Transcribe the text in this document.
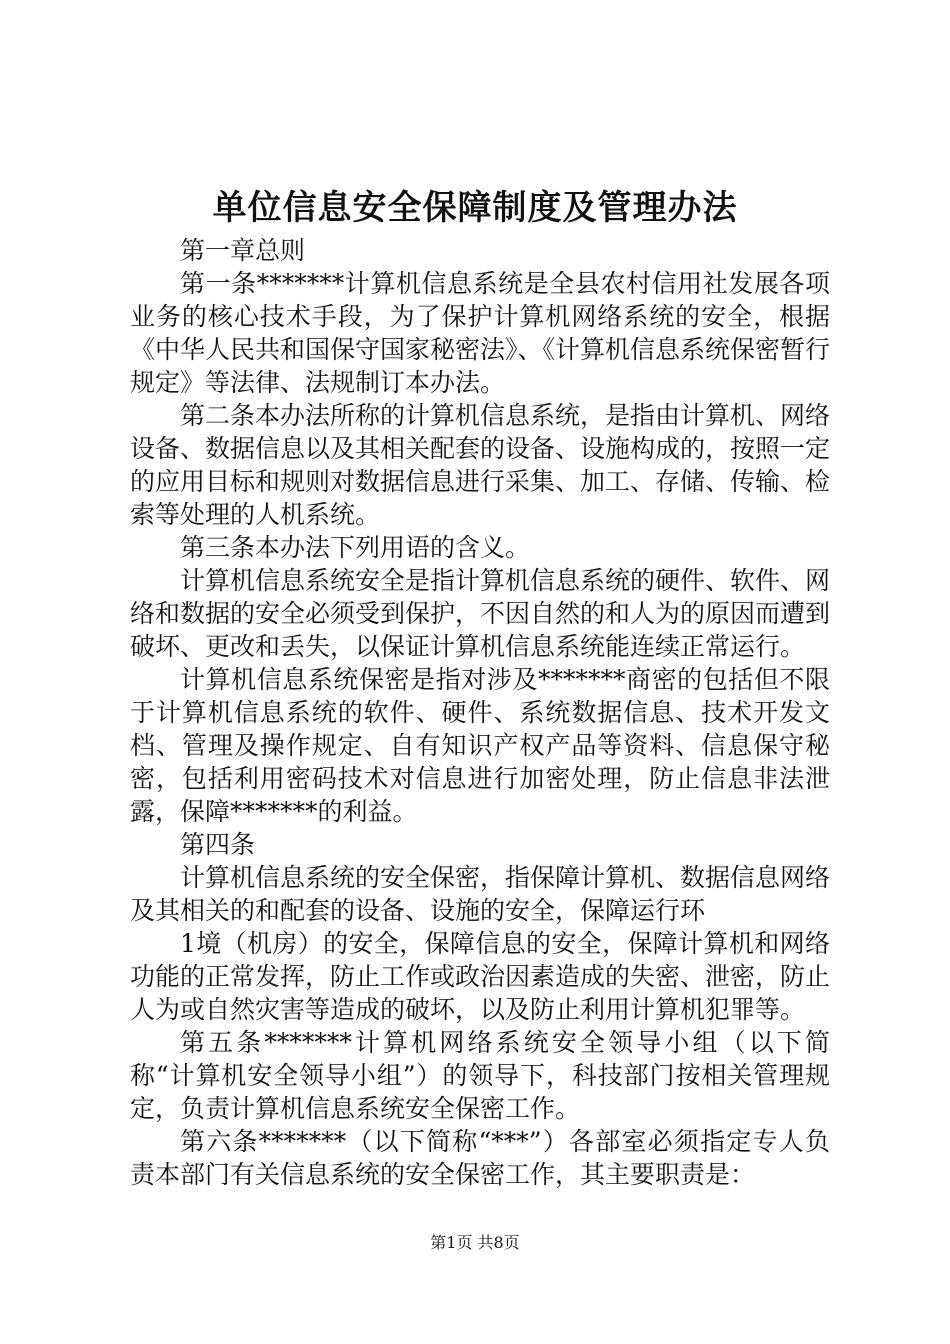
单位信息安全保障制度及管理办法

第一章总则

第一条*******计算机信息系统是全县农村信用社发展各项业务的核心技术手段，为了保护计算机网络系统的安全，根据《中华人民共和国保守国家秘密法》、《计算机信息系统保密暂行规定》等法律、法规制订本办法。

第二条本办法所称的计算机信息系统，是指由计算机、网络设备、数据信息以及其相关配套的设备、设施构成的，按照一定的应用目标和规则对数据信息进行采集、加工、存储、传输、检索等处理的人机系统。

第三条本办法下列用语的含义。

计算机信息系统安全是指计算机信息系统的硬件、软件、网络和数据的安全必须受到保护，不因自然的和人为的原因而遭到破坏、更改和丢失，以保证计算机信息系统能连续正常运行。

计算机信息系统保密是指对涉及*******商密的包括但不限于计算机信息系统的软件、硬件、系统数据信息、技术开发文档、管理及操作规定、自有知识产权产品等资料、信息保守秘密，包括利用密码技术对信息进行加密处理，防止信息非法泄露，保障*******的利益。

第四条

计算机信息系统的安全保密，指保障计算机、数据信息网络及其相关的和配套的设备、设施的安全，保障运行环

1境（机房）的安全，保障信息的安全，保障计算机和网络功能的正常发挥，防止工作或政治因素造成的失密、泄密，防止人为或自然灾害等造成的破坏，以及防止利用计算机犯罪等。

第五条*******计算机网络系统安全领导小组（以下简称“计算机安全领导小组”）的领导下，科技部门按相关管理规定，负责计算机信息系统安全保密工作。

第六条*******（以下简称“***”）各部室必须指定专人负责本部门有关信息系统的安全保密工作，其主要职责是：

第1页 共8页
